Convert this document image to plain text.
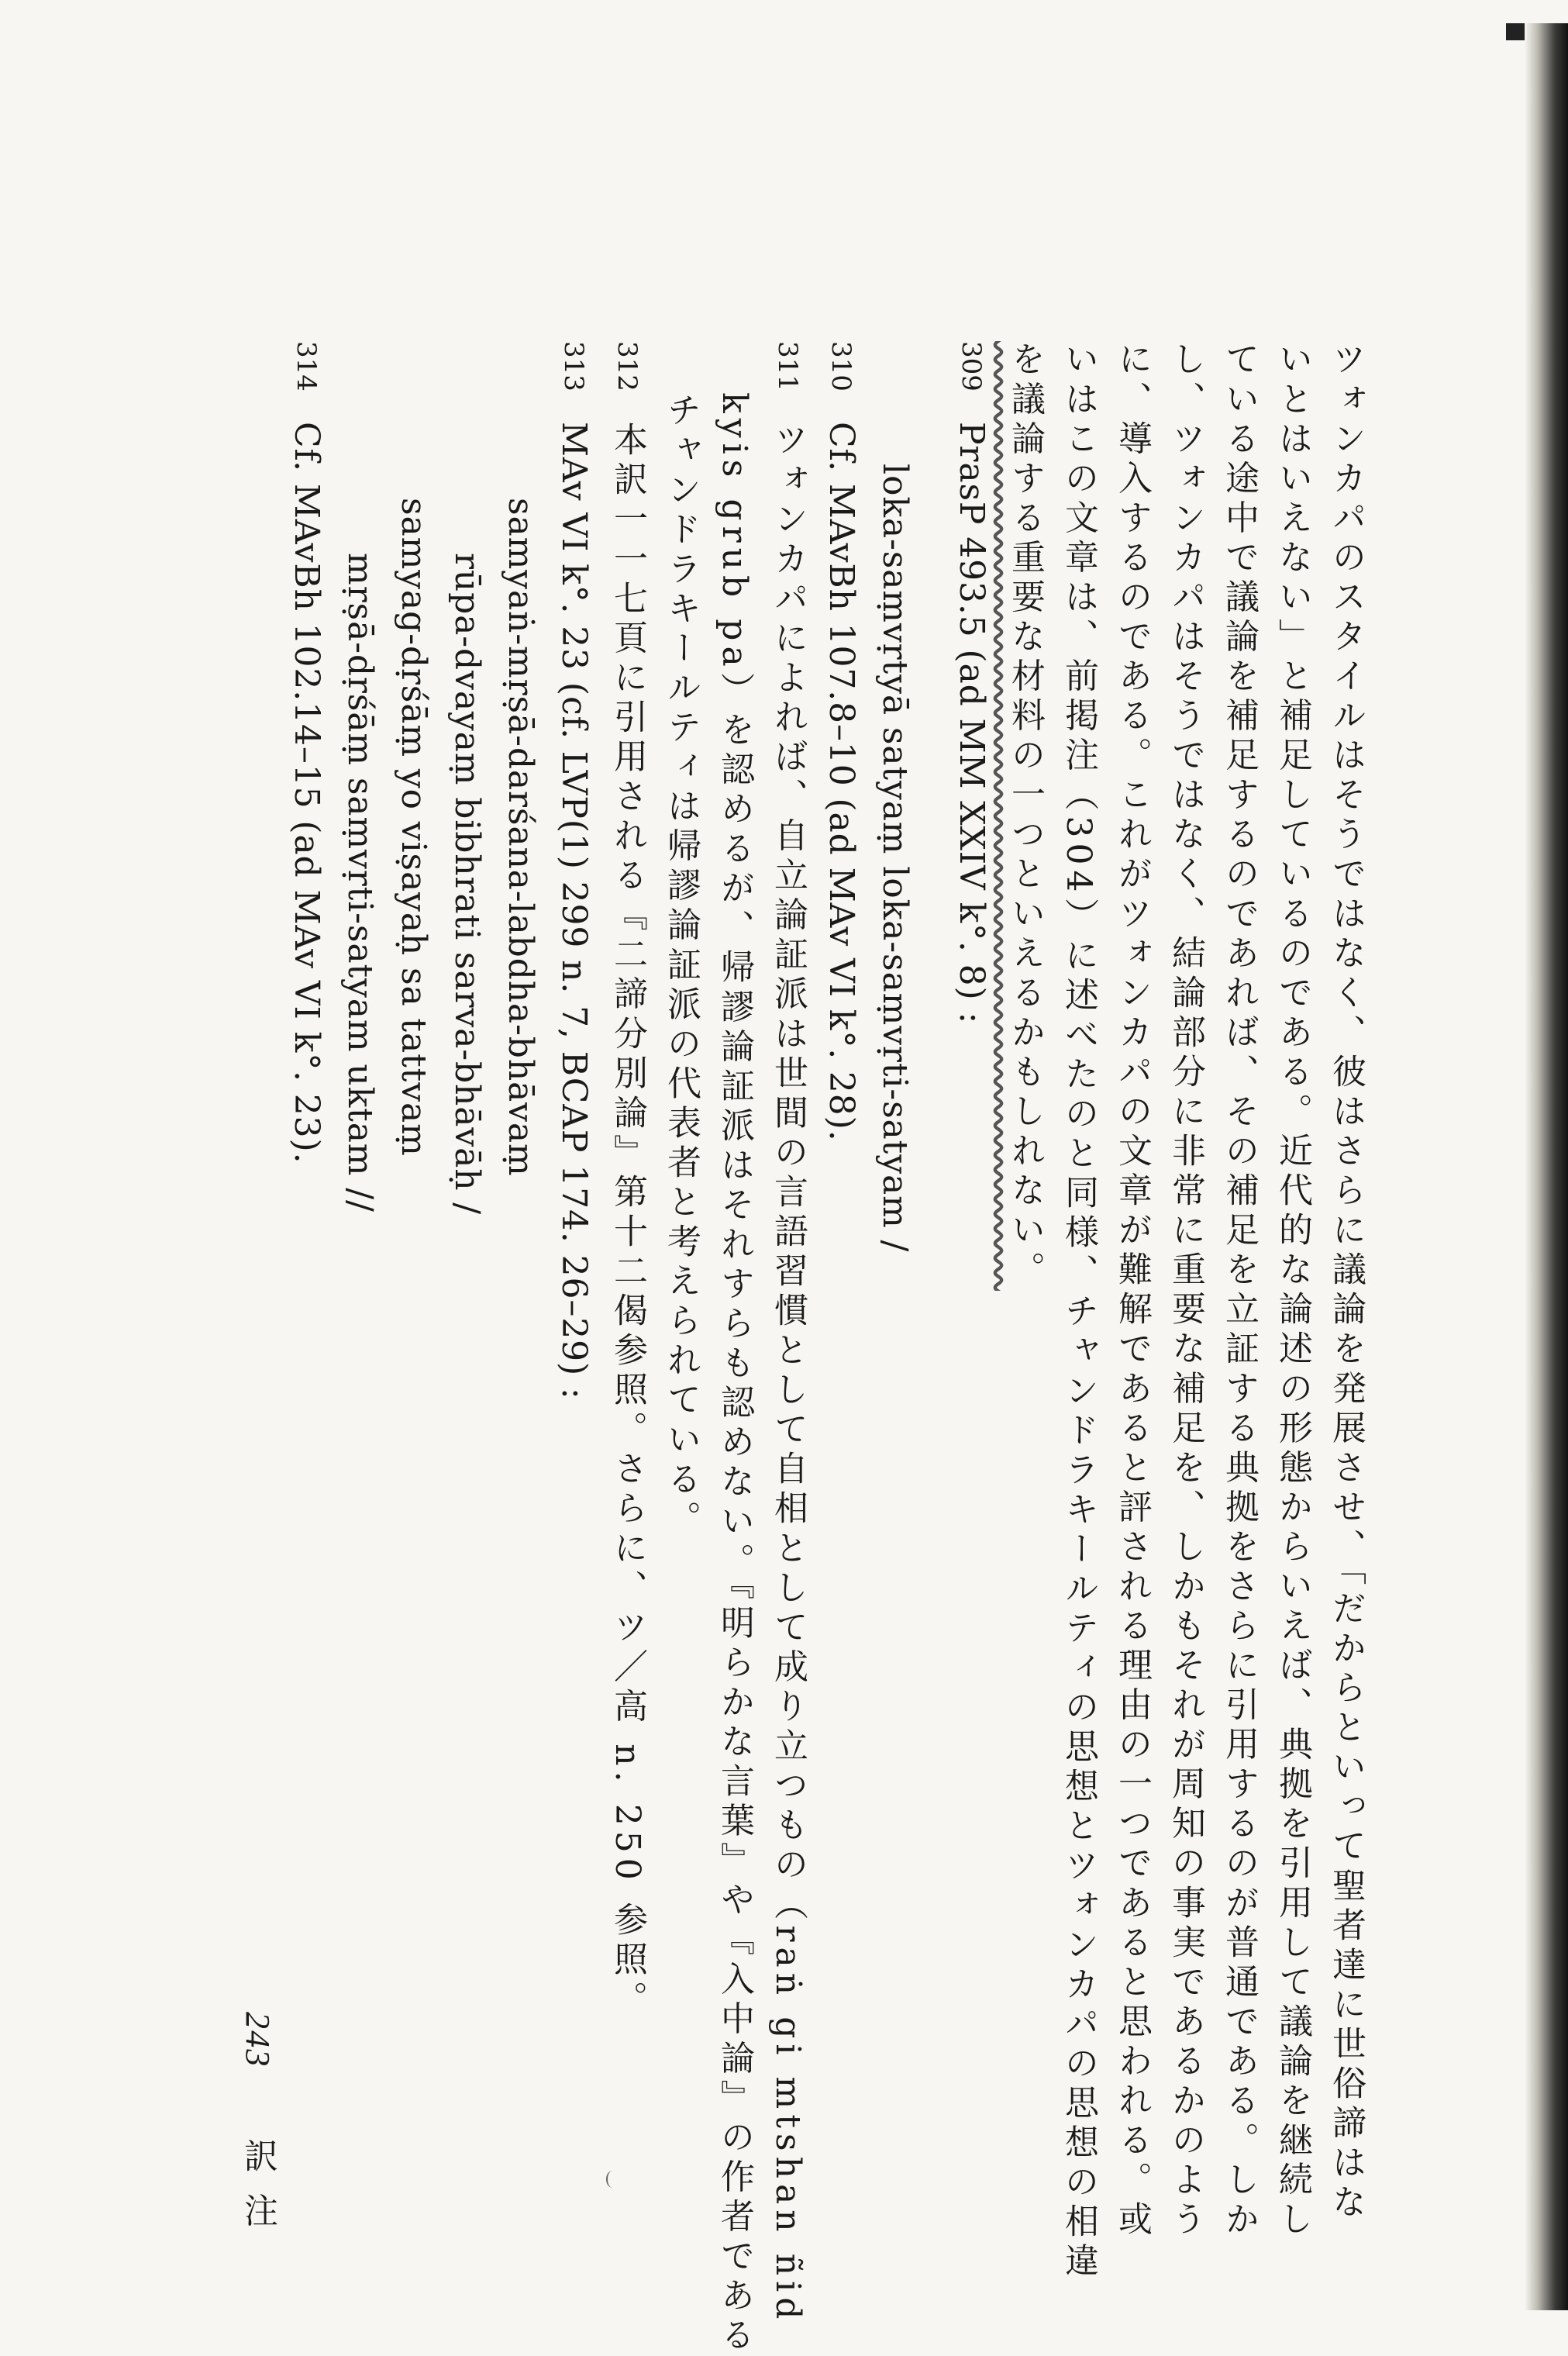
ツォンカパのスタイルはそうではなく、彼はさらに議論を発展させ、「だからといって聖者達に世俗諦はな
いとはいえない」と補足しているのである。近代的な論述の形態からいえば、典拠を引用して議論を継続し
ている途中で議論を補足するのであれば、その補足を立証する典拠をさらに引用するのが普通である。しか
し、ツォンカパはそうではなく、結論部分に非常に重要な補足を、しかもそれが周知の事実であるかのよう
に、導入するのである。これがツォンカパの文章が難解であると評される理由の一つであると思われる。或
いはこの文章は、前掲注（304）に述べたのと同様、チャンドラキールティの思想とツォンカパの思想の相違
を議論する重要な材料の一つといえるかもしれない。
309 PrasP 493.5 (ad MM XXIV k°. 8) :
loka-saṃvṛtyā satyaṃ loka-saṃvṛti-satyam /
310 Cf. MAvBh 107.8–10 (ad MAv VI k°. 28).
311 ツォンカパによれば、自立論証派は世間の言語習慣として自相として成り立つもの（raṅ gi mtshan ñid
kyis grub pa）を認めるが、帰謬論証派はそれすらも認めない。『明らかな言葉』や『入中論』の作者である
チャンドラキールティは帰謬論証派の代表者と考えられている。
312 本訳一一七頁に引用される『二諦分別論』第十二偈参照。さらに、ツ／高 n. 250 参照。
313 MAv VI k°. 23 (cf. LVP(1) 299 n. 7, BCAP 174. 26–29) :
samyaṅ-mṛṣā-darśana-labdha-bhāvaṃ
rūpa-dvayaṃ bibhrati sarva-bhāvāḥ /
samyag-dṛśāṃ yo viṣayaḥ sa tattvaṃ
mṛṣā-dṛśāṃ saṃvṛti-satyam uktam //
314 Cf. MAvBh 102.14–15 (ad MAv VI k°. 23).
243 訳注
